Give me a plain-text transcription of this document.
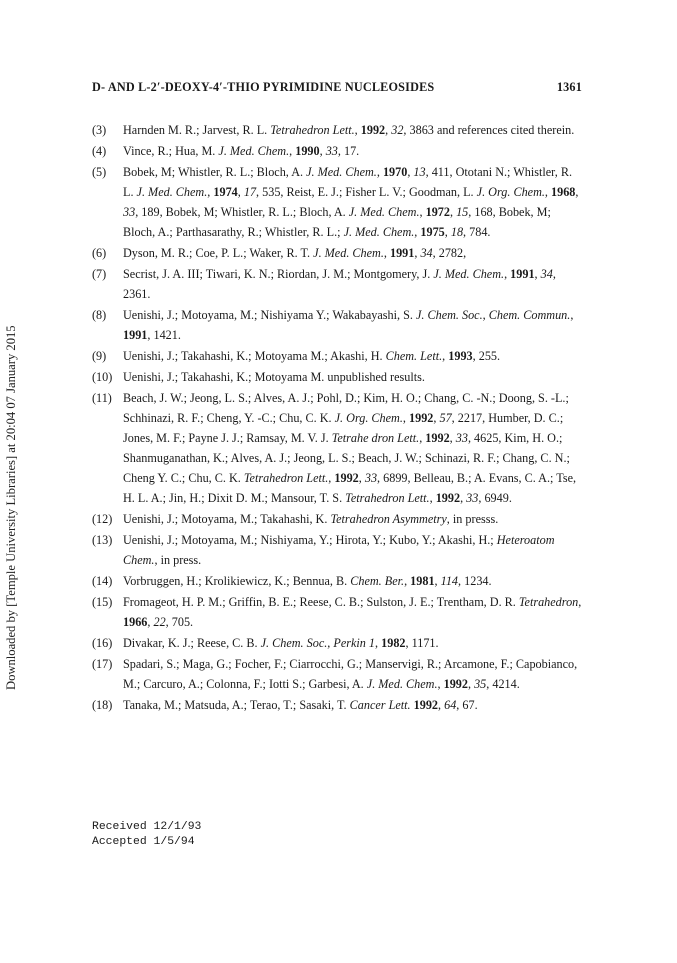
Downloaded by [Temple University Libraries] at 20:04 07 January 2015
D- AND L-2′-DEOXY-4′-THIO PYRIMIDINE NUCLEOSIDES	1361
(3)	Harnden M. R.; Jarvest, R. L. Tetrahedron Lett., 1992, 32, 3863 and references cited therein.
(4)	Vince, R.; Hua, M. J. Med. Chem., 1990, 33, 17.
(5)	Bobek, M; Whistler, R. L.; Bloch, A. J. Med. Chem., 1970, 13, 411, Ototani N.; Whistler, R. L. J. Med. Chem., 1974, 17, 535, Reist, E. J.; Fisher L. V.; Goodman, L. J. Org. Chem., 1968, 33, 189, Bobek, M; Whistler, R. L.; Bloch, A. J. Med. Chem., 1972, 15, 168, Bobek, M; Bloch, A.; Parthasarathy, R.; Whistler, R. L.; J. Med. Chem., 1975, 18, 784.
(6)	Dyson, M. R.; Coe, P. L.; Waker, R. T. J. Med. Chem., 1991, 34, 2782,
(7)	Secrist, J. A. III; Tiwari, K. N.; Riordan, J. M.; Montgomery, J. J. Med. Chem., 1991, 34, 2361.
(8)	Uenishi, J.; Motoyama, M.; Nishiyama Y.; Wakabayashi, S. J. Chem. Soc., Chem. Commun., 1991, 1421.
(9)	Uenishi, J.; Takahashi, K.; Motoyama M.; Akashi, H. Chem. Lett., 1993, 255.
(10) Uenishi, J.; Takahashi, K.; Motoyama M. unpublished results.
(11) Beach, J. W.; Jeong, L. S.; Alves, A. J.; Pohl, D.; Kim, H. O.; Chang, C. -N.; Doong, S. -L.; Schhinazi, R. F.; Cheng, Y. -C.; Chu, C. K. J. Org. Chem., 1992, 57, 2217, Humber, D. C.; Jones, M. F.; Payne J. J.; Ramsay, M. V. J. Tetrahe dron Lett., 1992, 33, 4625, Kim, H. O.; Shanmuganathan, K.; Alves, A. J.; Jeong, L. S.; Beach, J. W.; Schinazi, R. F.; Chang, C. N.; Cheng Y. C.; Chu, C. K. Tetrahedron Lett., 1992, 33, 6899, Belleau, B.; A. Evans, C. A.; Tse, H. L. A.; Jin, H.; Dixit D. M.; Mansour, T. S. Tetrahedron Lett., 1992, 33, 6949.
(12) Uenishi, J.; Motoyama, M.; Takahashi, K. Tetrahedron Asymmetry, in presss.
(13) Uenishi, J.; Motoyama, M.; Nishiyama, Y.; Hirota, Y.; Kubo, Y.; Akashi, H.; Heteroatom Chem., in press.
(14) Vorbruggen, H.; Krolikiewicz, K.; Bennua, B. Chem. Ber., 1981, 114, 1234.
(15) Fromageot, H. P. M.; Griffin, B. E.; Reese, C. B.; Sulston, J. E.; Trentham, D. R. Tetrahedron, 1966, 22, 705.
(16) Divakar, K. J.; Reese, C. B. J. Chem. Soc., Perkin 1, 1982, 1171.
(17) Spadari, S.; Maga, G.; Focher, F.; Ciarrocchi, G.; Manservigi, R.; Arcamone, F.; Capobianco, M.; Carcuro, A.; Colonna, F.; Iotti S.; Garbesi, A. J. Med. Chem., 1992, 35, 4214.
(18) Tanaka, M.; Matsuda, A.; Terao, T.; Sasaki, T. Cancer Lett. 1992, 64, 67.
Received 12/1/93
Accepted 1/5/94
